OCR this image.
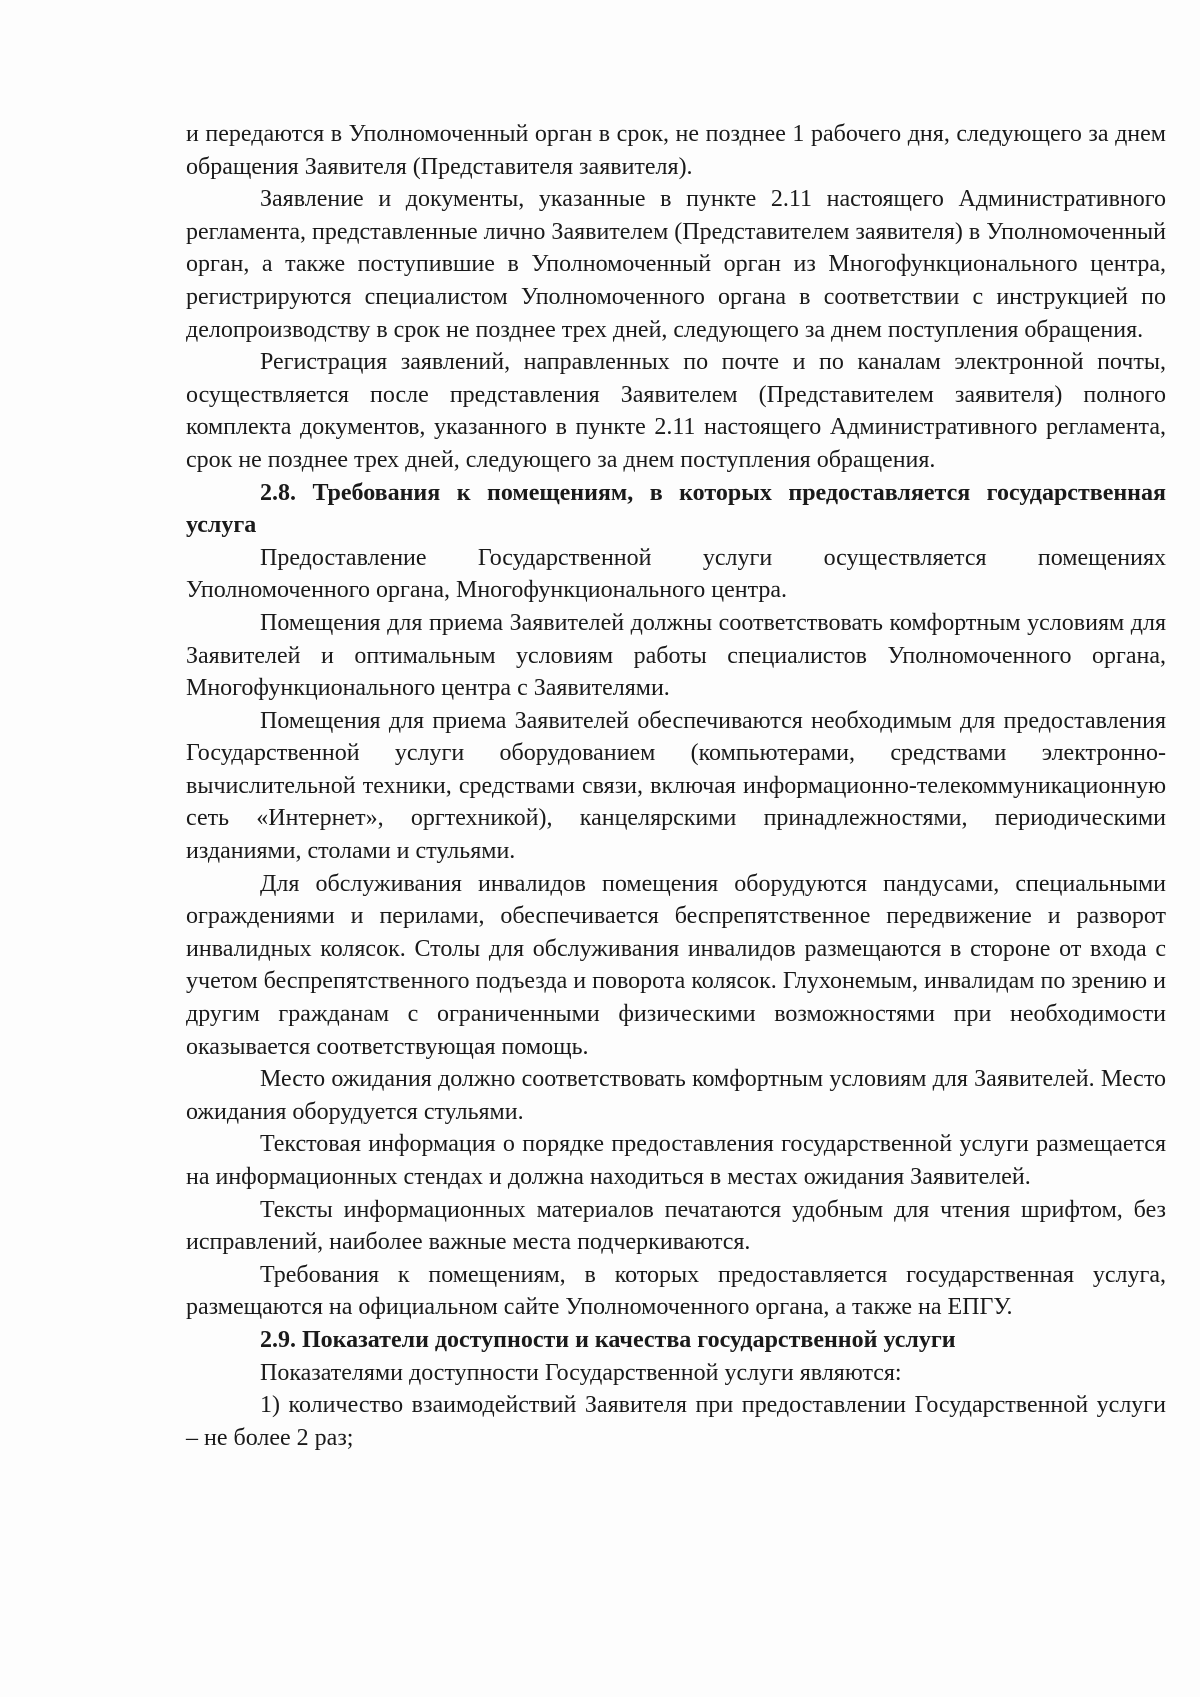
и передаются в Уполномоченный орган в срок, не позднее 1 рабочего дня, следующего за днем обращения Заявителя (Представителя заявителя).

Заявление и документы, указанные в пункте 2.11 настоящего Административного регламента, представленные лично Заявителем (Представителем заявителя) в Уполномоченный орган, а также поступившие в Уполномоченный орган из Многофункционального центра, регистрируются специалистом Уполномоченного органа в соответствии с инструкцией по делопроизводству в срок не позднее трех дней, следующего за днем поступления обращения.

Регистрация заявлений, направленных по почте и по каналам электронной почты, осуществляется после представления Заявителем (Представителем заявителя) полного комплекта документов, указанного в пункте 2.11 настоящего Административного регламента, срок не позднее трех дней, следующего за днем поступления обращения.

2.8. Требования к помещениям, в которых предоставляется государственная услуга

Предоставление Государственной услуги осуществляется помещениях Уполномоченного органа, Многофункционального центра.

Помещения для приема Заявителей должны соответствовать комфортным условиям для Заявителей и оптимальным условиям работы специалистов Уполномоченного органа, Многофункционального центра с Заявителями.

Помещения для приема Заявителей обеспечиваются необходимым для предоставления Государственной услуги оборудованием (компьютерами, средствами электронно-вычислительной техники, средствами связи, включая информационно-телекоммуникационную сеть «Интернет», оргтехникой), канцелярскими принадлежностями, периодическими изданиями, столами и стульями.

Для обслуживания инвалидов помещения оборудуются пандусами, специальными ограждениями и перилами, обеспечивается беспрепятственное передвижение и разворот инвалидных колясок. Столы для обслуживания инвалидов размещаются в стороне от входа с учетом беспрепятственного подъезда и поворота колясок. Глухонемым, инвалидам по зрению и другим гражданам с ограниченными физическими возможностями при необходимости оказывается соответствующая помощь.

Место ожидания должно соответствовать комфортным условиям для Заявителей. Место ожидания оборудуется стульями.

Текстовая информация о порядке предоставления государственной услуги размещается на информационных стендах и должна находиться в местах ожидания Заявителей.

Тексты информационных материалов печатаются удобным для чтения шрифтом, без исправлений, наиболее важные места подчеркиваются.

Требования к помещениям, в которых предоставляется государственная услуга, размещаются на официальном сайте Уполномоченного органа, а также на ЕПГУ.

2.9. Показатели доступности и качества государственной услуги

Показателями доступности Государственной услуги являются:

1) количество взаимодействий Заявителя при предоставлении Государственной услуги – не более 2 раз;
